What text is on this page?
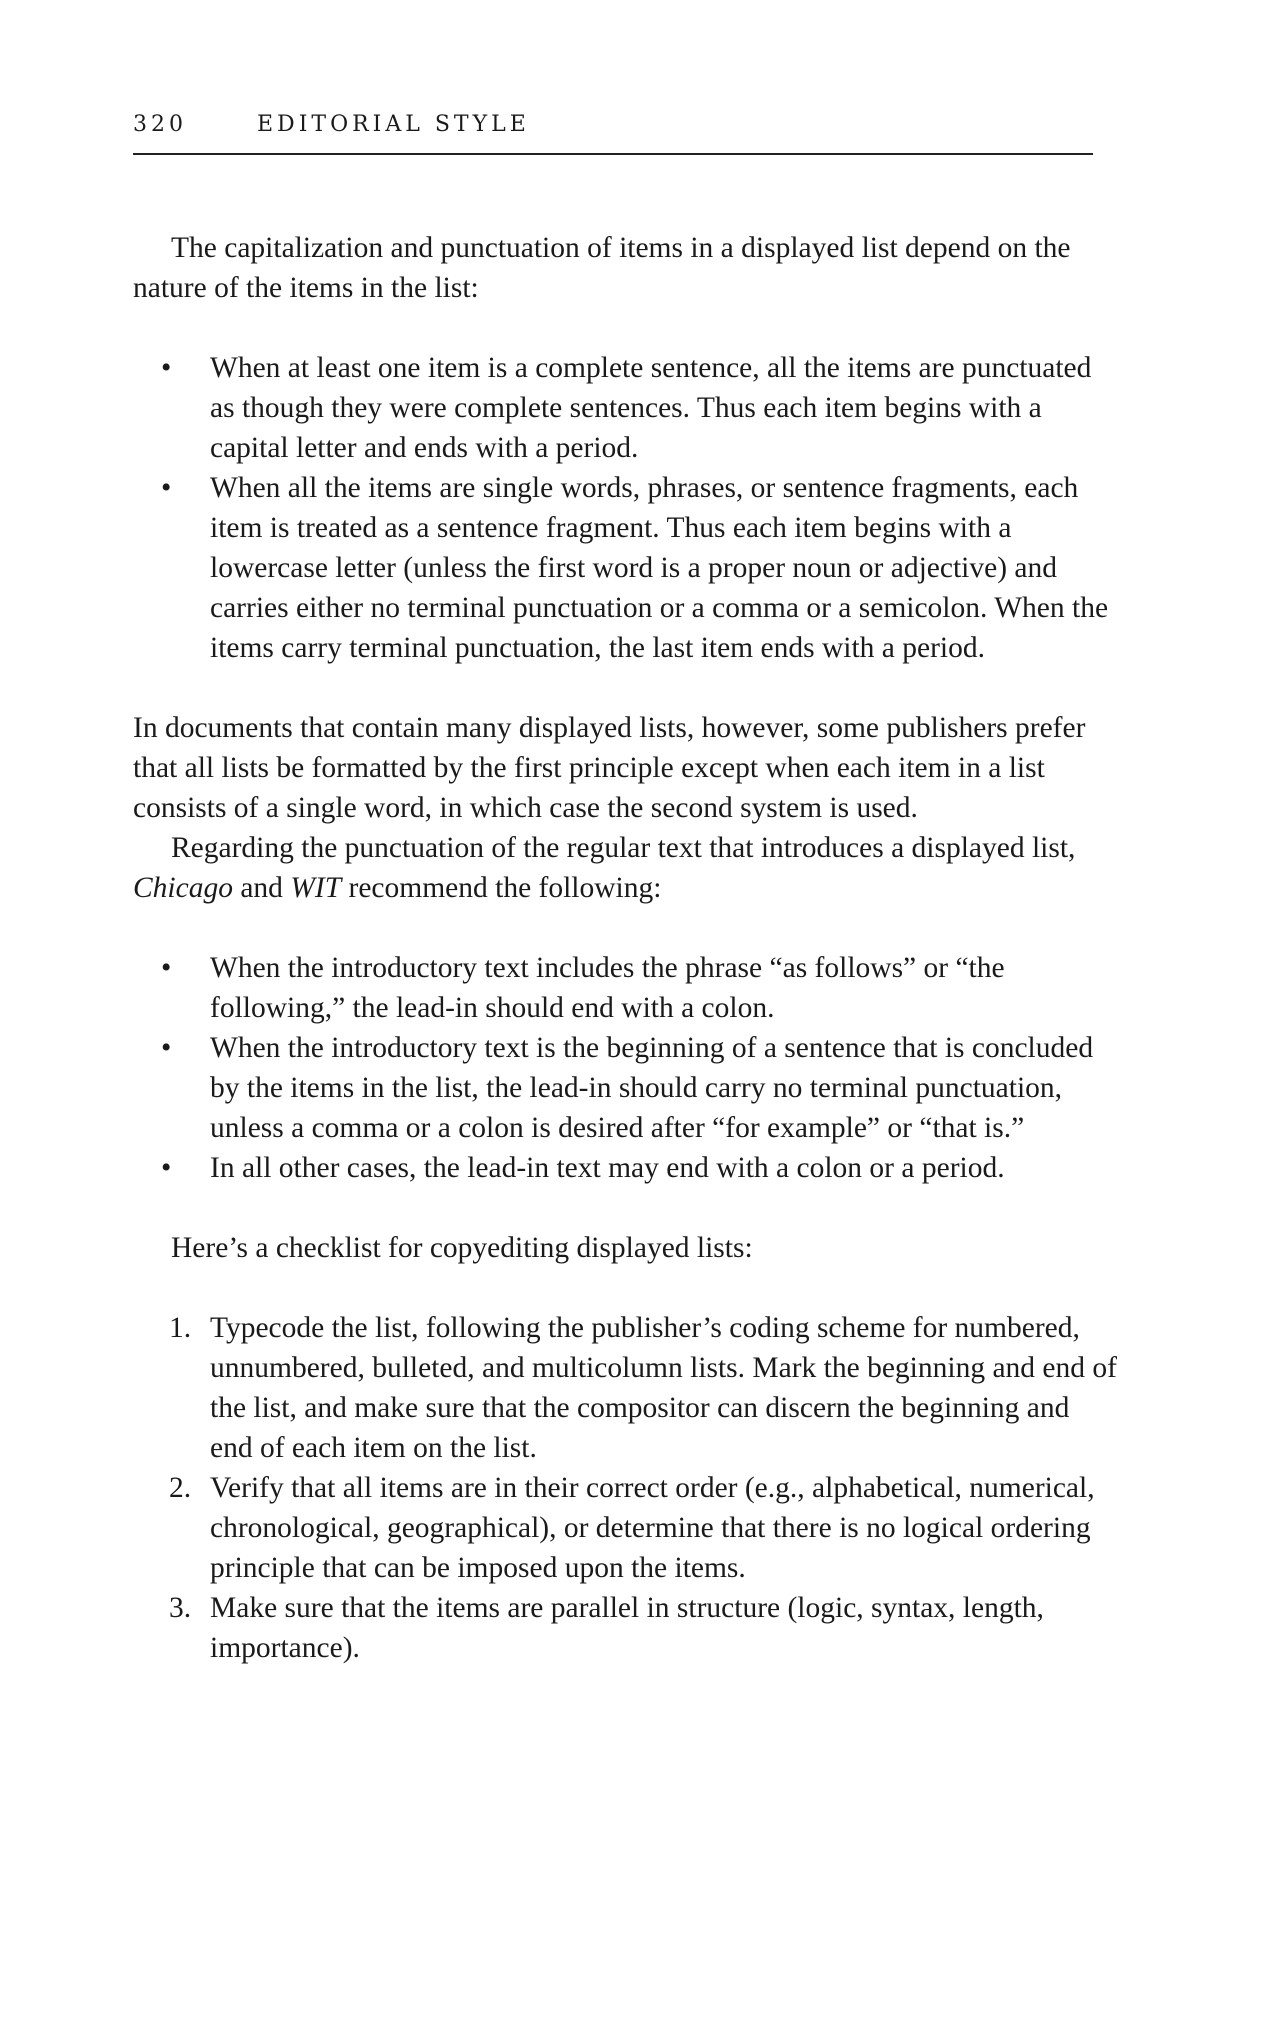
320	EDITORIAL STYLE

The capitalization and punctuation of items in a displayed list depend on the nature of the items in the list:

• When at least one item is a complete sentence, all the items are punctuated as though they were complete sentences. Thus each item begins with a capital letter and ends with a period.
• When all the items are single words, phrases, or sentence fragments, each item is treated as a sentence fragment. Thus each item begins with a lowercase letter (unless the first word is a proper noun or adjective) and carries either no terminal punctuation or a comma or a semicolon. When the items carry terminal punctuation, the last item ends with a period.

In documents that contain many displayed lists, however, some publishers prefer that all lists be formatted by the first principle except when each item in a list consists of a single word, in which case the second system is used.

Regarding the punctuation of the regular text that introduces a displayed list, Chicago and WIT recommend the following:

• When the introductory text includes the phrase “as follows” or “the following,” the lead-in should end with a colon.
• When the introductory text is the beginning of a sentence that is concluded by the items in the list, the lead-in should carry no terminal punctuation, unless a comma or a colon is desired after “for example” or “that is.”
• In all other cases, the lead-in text may end with a colon or a period.

Here’s a checklist for copyediting displayed lists:

1. Typecode the list, following the publisher’s coding scheme for numbered, unnumbered, bulleted, and multicolumn lists. Mark the beginning and end of the list, and make sure that the compositor can discern the beginning and end of each item on the list.
2. Verify that all items are in their correct order (e.g., alphabetical, numerical, chronological, geographical), or determine that there is no logical ordering principle that can be imposed upon the items.
3. Make sure that the items are parallel in structure (logic, syntax, length, importance).
